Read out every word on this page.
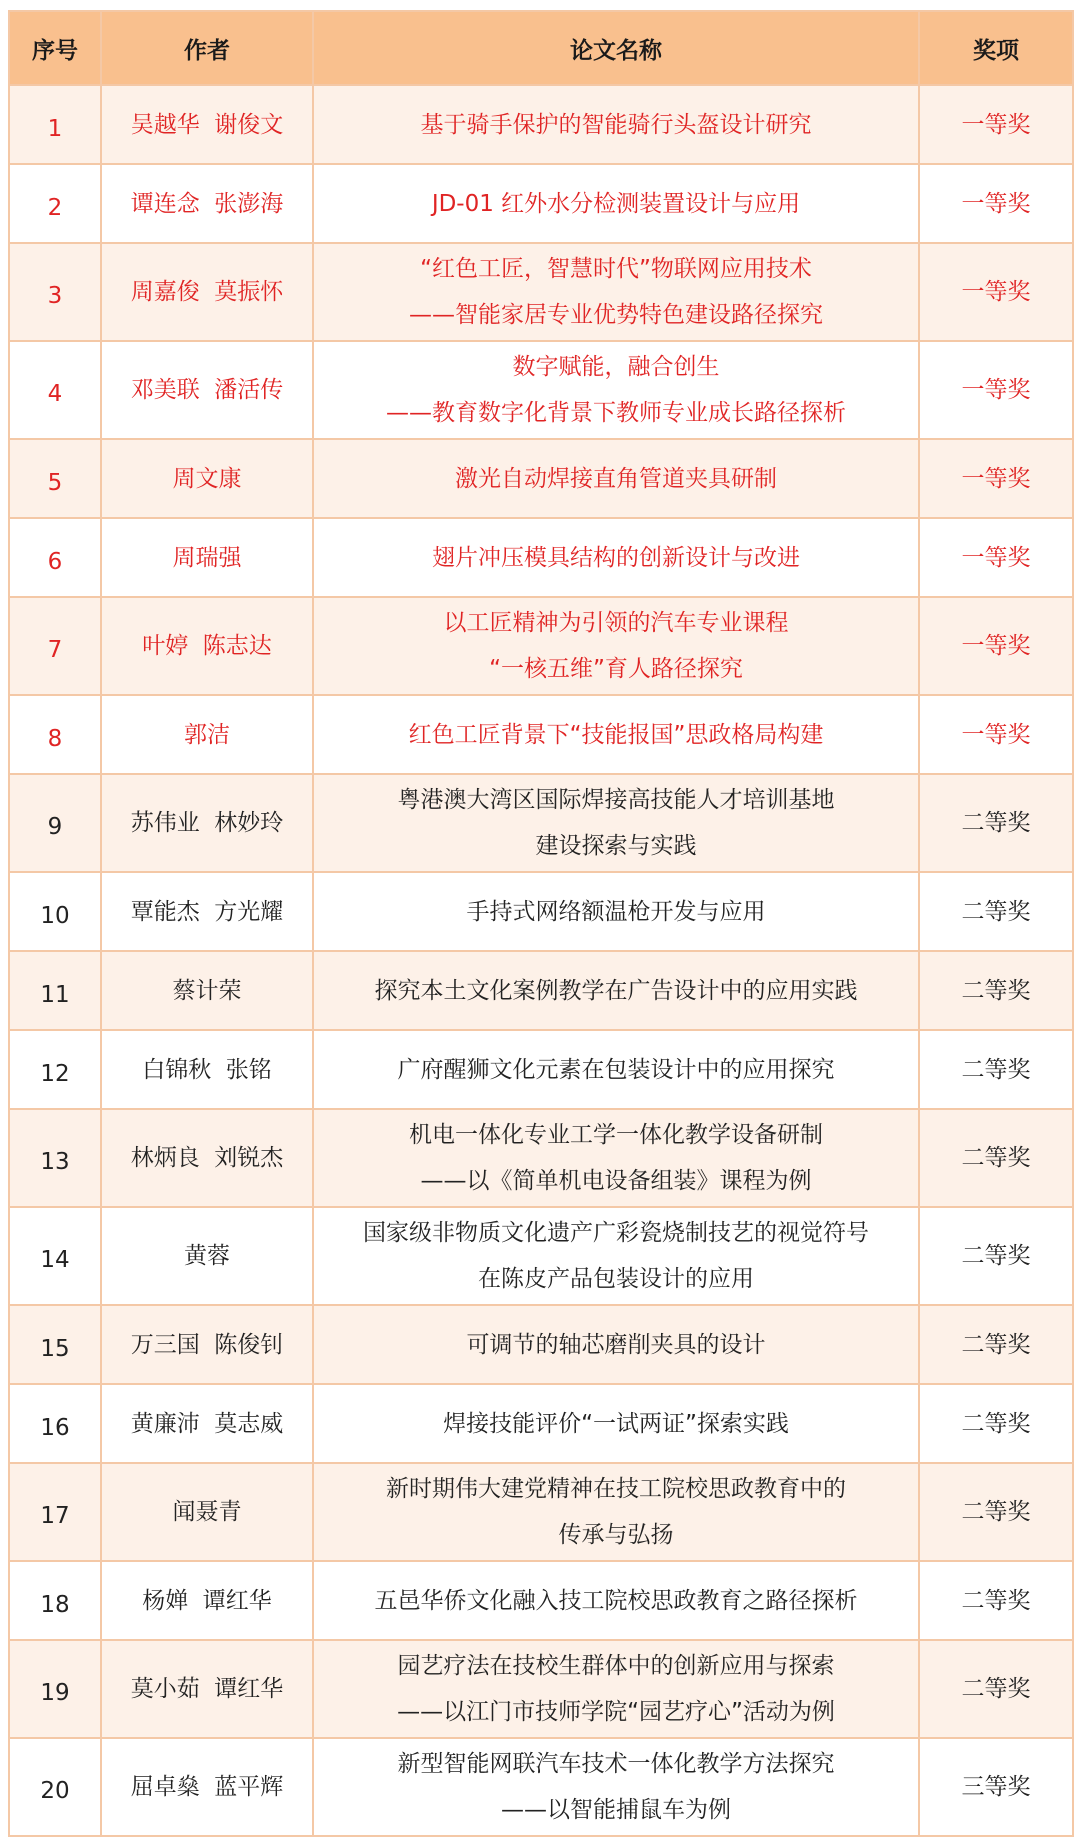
序号	作者	论文名称	奖项
1	吴越华  谢俊文	基于骑手保护的智能骑行头盔设计研究	一等奖
2	谭连念  张澎海	JD-01 红外水分检测装置设计与应用	一等奖
3	周嘉俊  莫振怀	“红色工匠，智慧时代”物联网应用技术
——智能家居专业优势特色建设路径探究	一等奖
4	邓美联  潘活传	数字赋能，融合创生
——教育数字化背景下教师专业成长路径探析	一等奖
5	周文康	激光自动焊接直角管道夹具研制	一等奖
6	周瑞强	翅片冲压模具结构的创新设计与改进	一等奖
7	叶婷  陈志达	以工匠精神为引领的汽车专业课程
“一核五维”育人路径探究	一等奖
8	郭洁	红色工匠背景下“技能报国”思政格局构建	一等奖
9	苏伟业  林妙玲	粤港澳大湾区国际焊接高技能人才培训基地
建设探索与实践	二等奖
10	覃能杰  方光耀	手持式网络额温枪开发与应用	二等奖
11	蔡计荣	探究本土文化案例教学在广告设计中的应用实践	二等奖
12	白锦秋  张铭	广府醒狮文化元素在包装设计中的应用探究	二等奖
13	林炳良  刘锐杰	机电一体化专业工学一体化教学设备研制
——以《简单机电设备组装》课程为例	二等奖
14	黄蓉	国家级非物质文化遗产广彩瓷烧制技艺的视觉符号
在陈皮产品包装设计的应用	二等奖
15	万三国  陈俊钊	可调节的轴芯磨削夹具的设计	二等奖
16	黄廉沛  莫志威	焊接技能评价“一试两证”探索实践	二等奖
17	闻聂青	新时期伟大建党精神在技工院校思政教育中的
传承与弘扬	二等奖
18	杨婵  谭红华	五邑华侨文化融入技工院校思政教育之路径探析	二等奖
19	莫小茹  谭红华	园艺疗法在技校生群体中的创新应用与探索
——以江门市技师学院“园艺疗心”活动为例	二等奖
20	屈卓燊  蓝平辉	新型智能网联汽车技术一体化教学方法探究
——以智能捕鼠车为例	三等奖
